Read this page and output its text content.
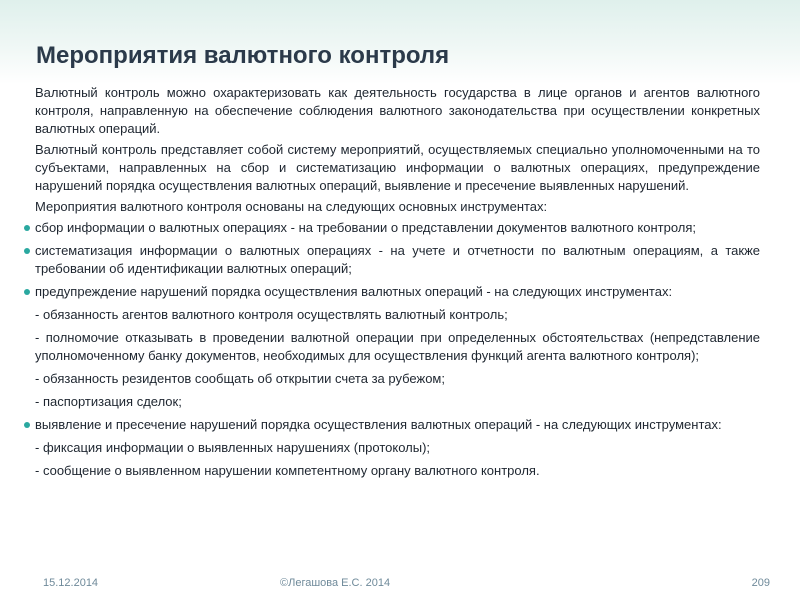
Мероприятия валютного контроля

Валютный контроль можно охарактеризовать как деятельность государства в лице органов и агентов валютного контроля, направленную на обеспечение соблюдения валютного законодательства при осуществлении конкретных валютных операций.

Валютный контроль представляет собой систему мероприятий, осуществляемых специально уполномоченными на то субъектами, направленных на сбор и систематизацию информации о валютных операциях, предупреждение нарушений порядка осуществления валютных операций, выявление и пресечение выявленных нарушений.

Мероприятия валютного контроля основаны на следующих основных инструментах:

сбор информации о валютных операциях - на требовании о представлении документов валютного контроля;
систематизация информации о валютных операциях - на учете и отчетности по валютным операциям, а также требовании об идентификации валютных операций;
предупреждение нарушений порядка осуществления валютных операций - на следующих инструментах:

- обязанность агентов валютного контроля осуществлять валютный контроль;

- полномочие отказывать в проведении валютной операции при определенных обстоятельствах (непредставление уполномоченному банку документов, необходимых для осуществления функций агента валютного контроля);

- обязанность резидентов сообщать об открытии счета за рубежом;

- паспортизация сделок;

выявление и пресечение нарушений порядка осуществления валютных операций - на следующих инструментах:

- фиксация информации о выявленных нарушениях (протоколы);

- сообщение о выявленном нарушении компетентному органу валютного контроля.

15.12.2014	©Легашова Е.С. 2014	209
